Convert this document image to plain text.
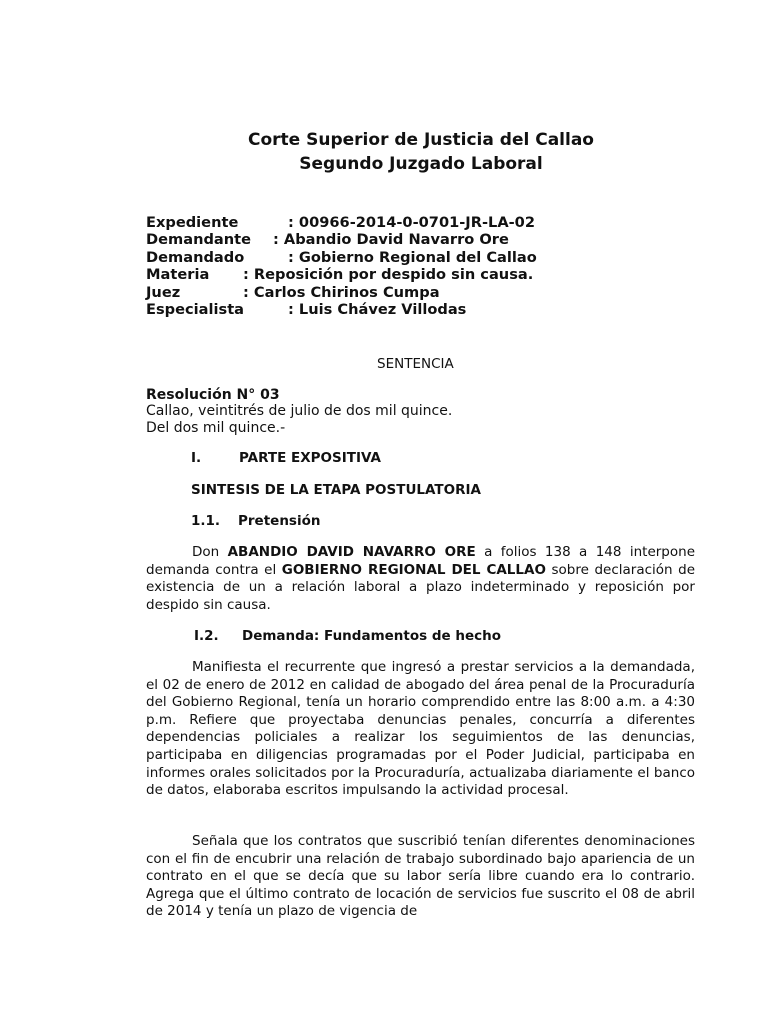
Corte Superior de Justicia del Callao
Segundo Juzgado Laboral
Expediente	: 00966-2014-0-0701-JR-LA-02
Demandante : Abandio David Navarro Ore
Demandado	: Gobierno Regional del Callao
Materia : Reposición por despido sin causa.
Juez	: Carlos Chirinos Cumpa
Especialista	: Luis Chávez Villodas
SENTENCIA
Resolución N° 03
Callao, veintitrés de julio de dos mil quince.
Del dos mil quince.-
I.	PARTE EXPOSITIVA
SINTESIS DE LA ETAPA POSTULATORIA
1.1. Pretensión

Don ABANDIO DAVID NAVARRO ORE a folios 138 a 148 interpone demanda contra el GOBIERNO REGIONAL DEL CALLAO sobre declaración de existencia de un a relación laboral a plazo indeterminado y reposición por despido sin causa.

I.2. Demanda: Fundamentos de hecho

Manifiesta el recurrente que ingresó a prestar servicios a la demandada, el 02 de enero de 2012 en calidad de abogado del área penal de la Procuraduría del Gobierno Regional, tenía un horario comprendido entre las 8:00 a.m. a 4:30 p.m. Refiere que proyectaba denuncias penales, concurría a diferentes dependencias policiales a realizar los seguimientos de las denuncias, participaba en diligencias programadas por el Poder Judicial, participaba en informes orales solicitados por la Procuraduría, actualizaba diariamente el banco de datos, elaboraba escritos impulsando la actividad procesal.

Señala que los contratos que suscribió tenían diferentes denominaciones con el fin de encubrir una relación de trabajo subordinado bajo apariencia de un contrato en el que se decía que su labor sería libre cuando era lo contrario. Agrega que el último contrato de locación de servicios fue suscrito el 08 de abril de 2014 y tenía un plazo de vigencia de
